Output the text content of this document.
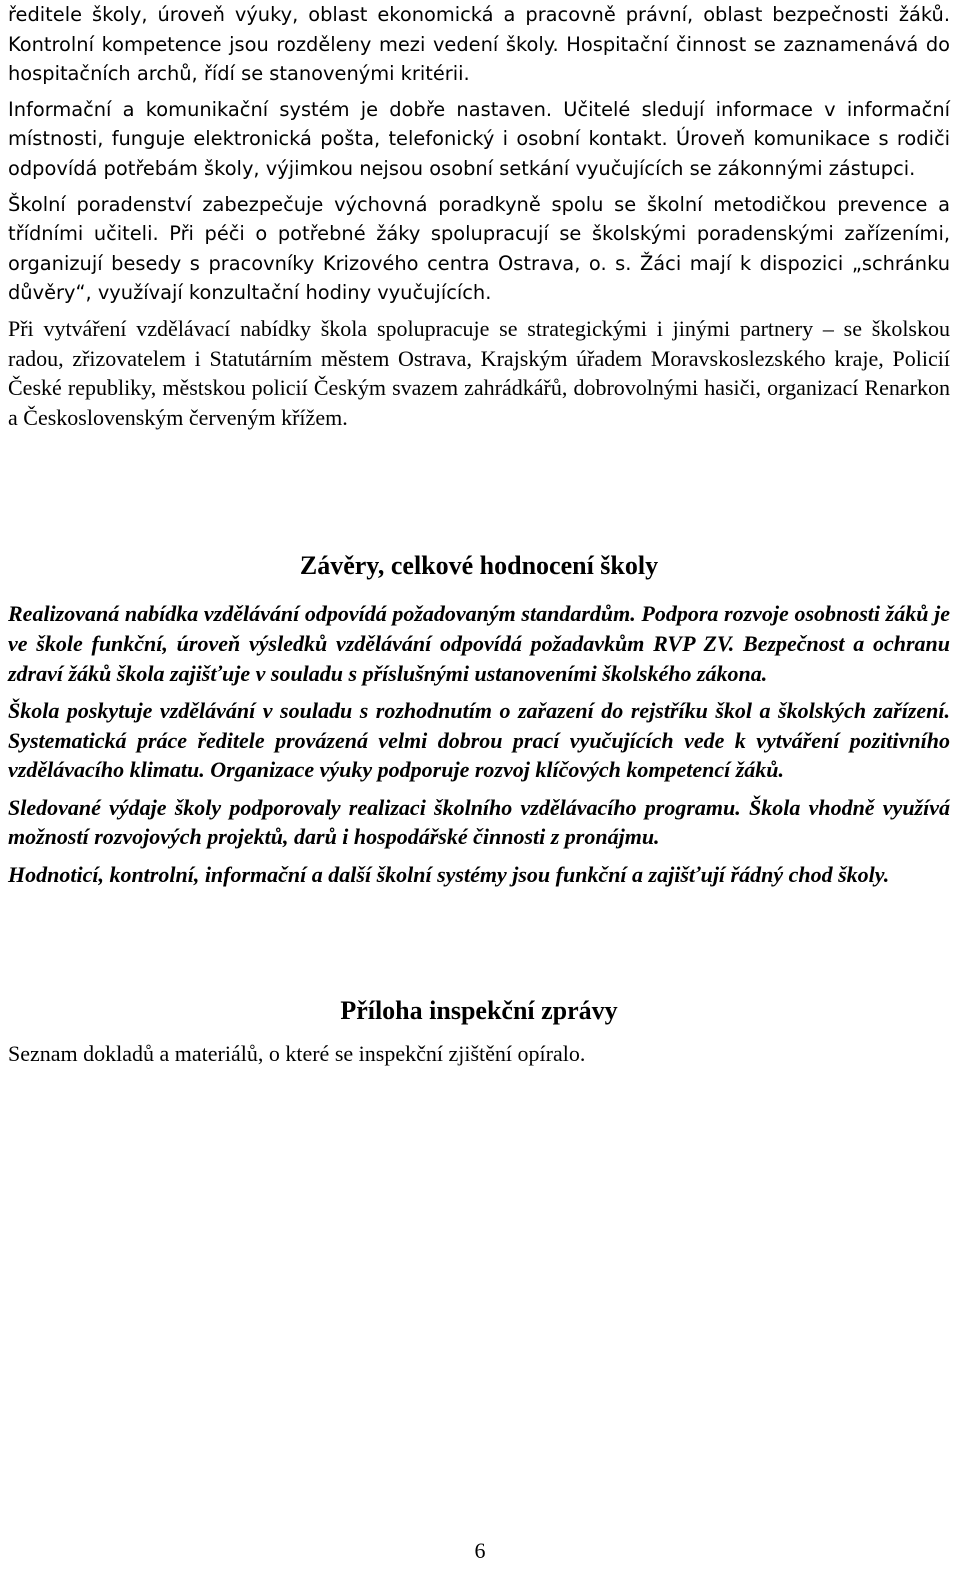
ředitele školy, úroveň výuky, oblast ekonomická a pracovně právní, oblast bezpečnosti žáků. Kontrolní kompetence jsou rozděleny mezi vedení školy. Hospitační činnost se zaznamenává do hospitačních archů, řídí se stanovenými kritérii.

Informační a komunikační systém je dobře nastaven. Učitelé sledují informace v informační místnosti, funguje elektronická pošta, telefonický i osobní kontakt. Úroveň komunikace s rodiči odpovídá potřebám školy, výjimkou nejsou osobní setkání vyučujících se zákonnými zástupci.

Školní poradenství zabezpečuje výchovná poradkyně spolu se školní metodičkou prevence a třídními učiteli. Při péči o potřebné žáky spolupracují se školskými poradenskými zařízeními, organizují besedy s pracovníky Krizového centra Ostrava, o. s. Žáci mají k dispozici „schránku důvěry“, využívají konzultační hodiny vyučujících.

Při vytváření vzdělávací nabídky škola spolupracuje se strategickými i jinými partnery – se školskou radou, zřizovatelem i Statutárním městem Ostrava, Krajským úřadem Moravskoslezského kraje, Policií České republiky, městskou policií Českým svazem zahrádkářů, dobrovolnými hasiči, organizací Renarkon a Československým červeným křížem.

Závěry, celkové hodnocení školy

Realizovaná nabídka vzdělávání odpovídá požadovaným standardům. Podpora rozvoje osobnosti žáků je ve škole funkční, úroveň výsledků vzdělávání odpovídá požadavkům RVP ZV. Bezpečnost a ochranu zdraví žáků škola zajišťuje v souladu s příslušnými ustanoveními školského zákona.

Škola poskytuje vzdělávání v souladu s rozhodnutím o zařazení do rejstříku škol a školských zařízení. Systematická práce ředitele provázená velmi dobrou prací vyučujících vede k vytváření pozitivního vzdělávacího klimatu. Organizace výuky podporuje rozvoj klíčových kompetencí žáků.

Sledované výdaje školy podporovaly realizaci školního vzdělávacího programu. Škola vhodně využívá možností rozvojových projektů, darů i hospodářské činnosti z pronájmu.

Hodnoticí, kontrolní, informační a další školní systémy jsou funkční a zajišťují řádný chod školy.

Příloha inspekční zprávy

Seznam dokladů a materiálů, o které se inspekční zjištění opíralo.

6
